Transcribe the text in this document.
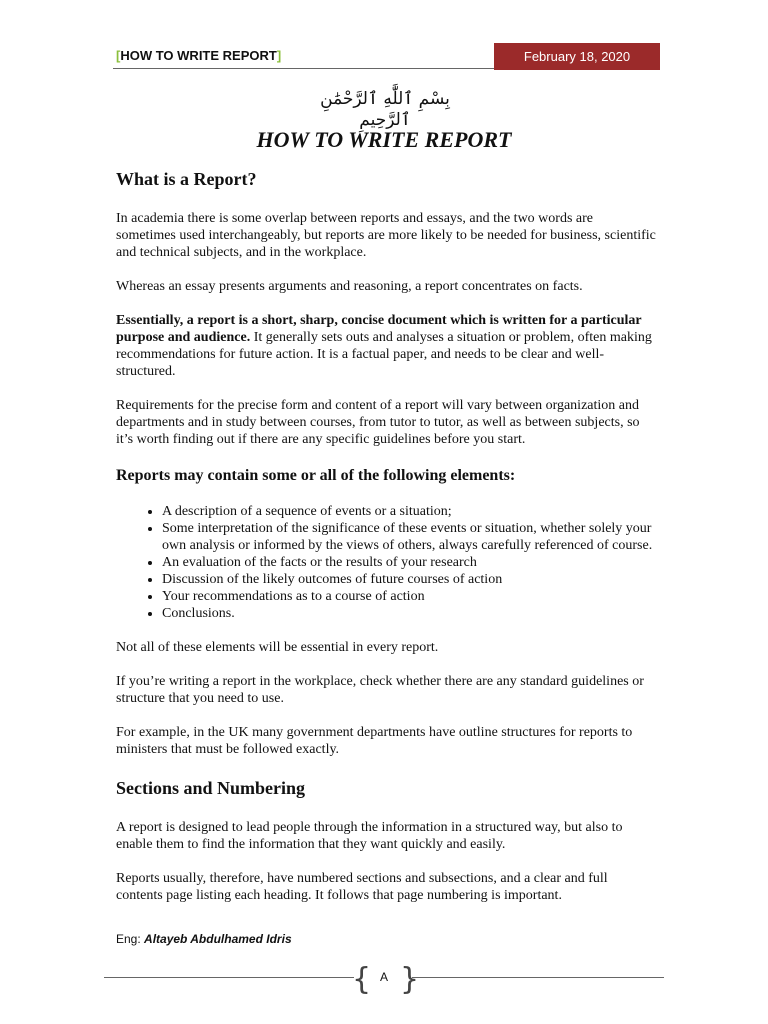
[HOW TO WRITE REPORT]	February 18, 2020
بِسْمِ ٱللَّٰهِ ٱلرَّحْمَٰنِ ٱلرَّحِيمِ
HOW TO WRITE REPORT
What is a Report?

In academia there is some overlap between reports and essays, and the two words are sometimes used interchangeably, but reports are more likely to be needed for business, scientific and technical subjects, and in the workplace.

Whereas an essay presents arguments and reasoning, a report concentrates on facts.

Essentially, a report is a short, sharp, concise document which is written for a particular purpose and audience. It generally sets outs and analyses a situation or problem, often making recommendations for future action. It is a factual paper, and needs to be clear and well-structured.

Requirements for the precise form and content of a report will vary between organization and departments and in study between courses, from tutor to tutor, as well as between subjects, so it’s worth finding out if there are any specific guidelines before you start.

Reports may contain some or all of the following elements:
• A description of a sequence of events or a situation;
• Some interpretation of the significance of these events or situation, whether solely your own analysis or informed by the views of others, always carefully referenced of course.
• An evaluation of the facts or the results of your research
• Discussion of the likely outcomes of future courses of action
• Your recommendations as to a course of action
• Conclusions.

Not all of these elements will be essential in every report.

If you’re writing a report in the workplace, check whether there are any standard guidelines or structure that you need to use.

For example, in the UK many government departments have outline structures for reports to ministers that must be followed exactly.

Sections and Numbering

A report is designed to lead people through the information in a structured way, but also to enable them to find the information that they want quickly and easily.

Reports usually, therefore, have numbered sections and subsections, and a clear and full contents page listing each heading. It follows that page numbering is important.

Eng: Altayeb Abdulhamed Idris
{ A }
